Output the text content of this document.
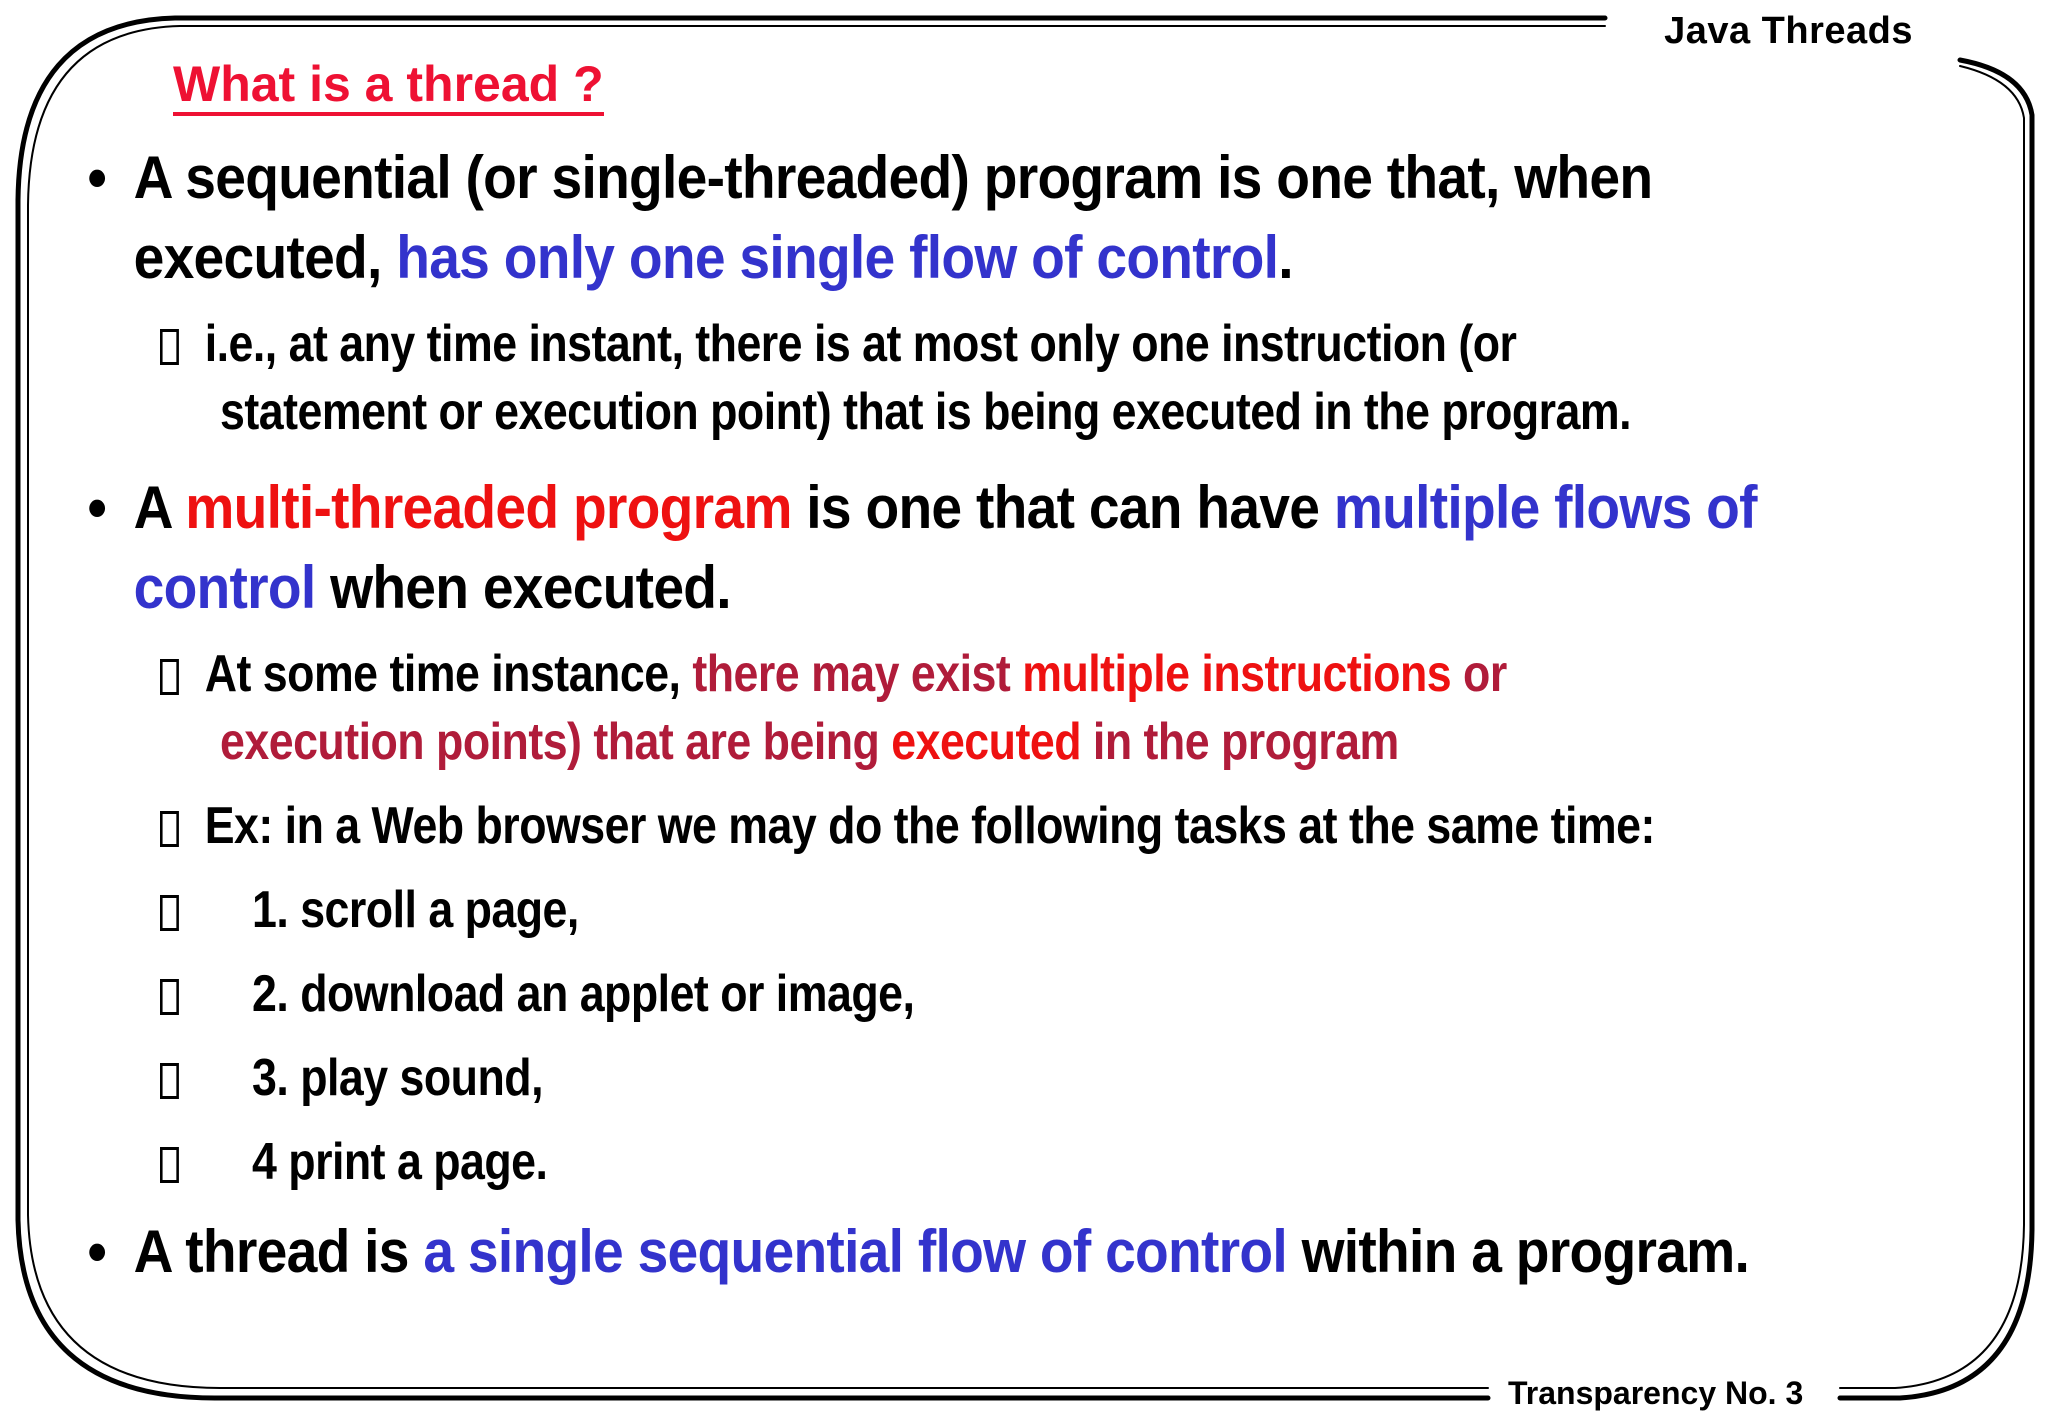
Java Threads
Transparency No. 3
What is a thread ?
• A sequential (or single-threaded) program is one that, when
executed, has only one single flow of control.
i.e., at any time instant, there is at most only one instruction (or
statement or execution point) that is being executed in the program.
• A multi-threaded program is one that can have multiple flows of
control when executed.
At some time instance, there may exist multiple instructions or
execution points) that are being executed in the program
Ex: in a Web browser we may do the following tasks at the same time:
1. scroll a page,
2. download an applet or image,
3. play sound,
4 print a page.
• A thread is a single sequential flow of control within a program.
